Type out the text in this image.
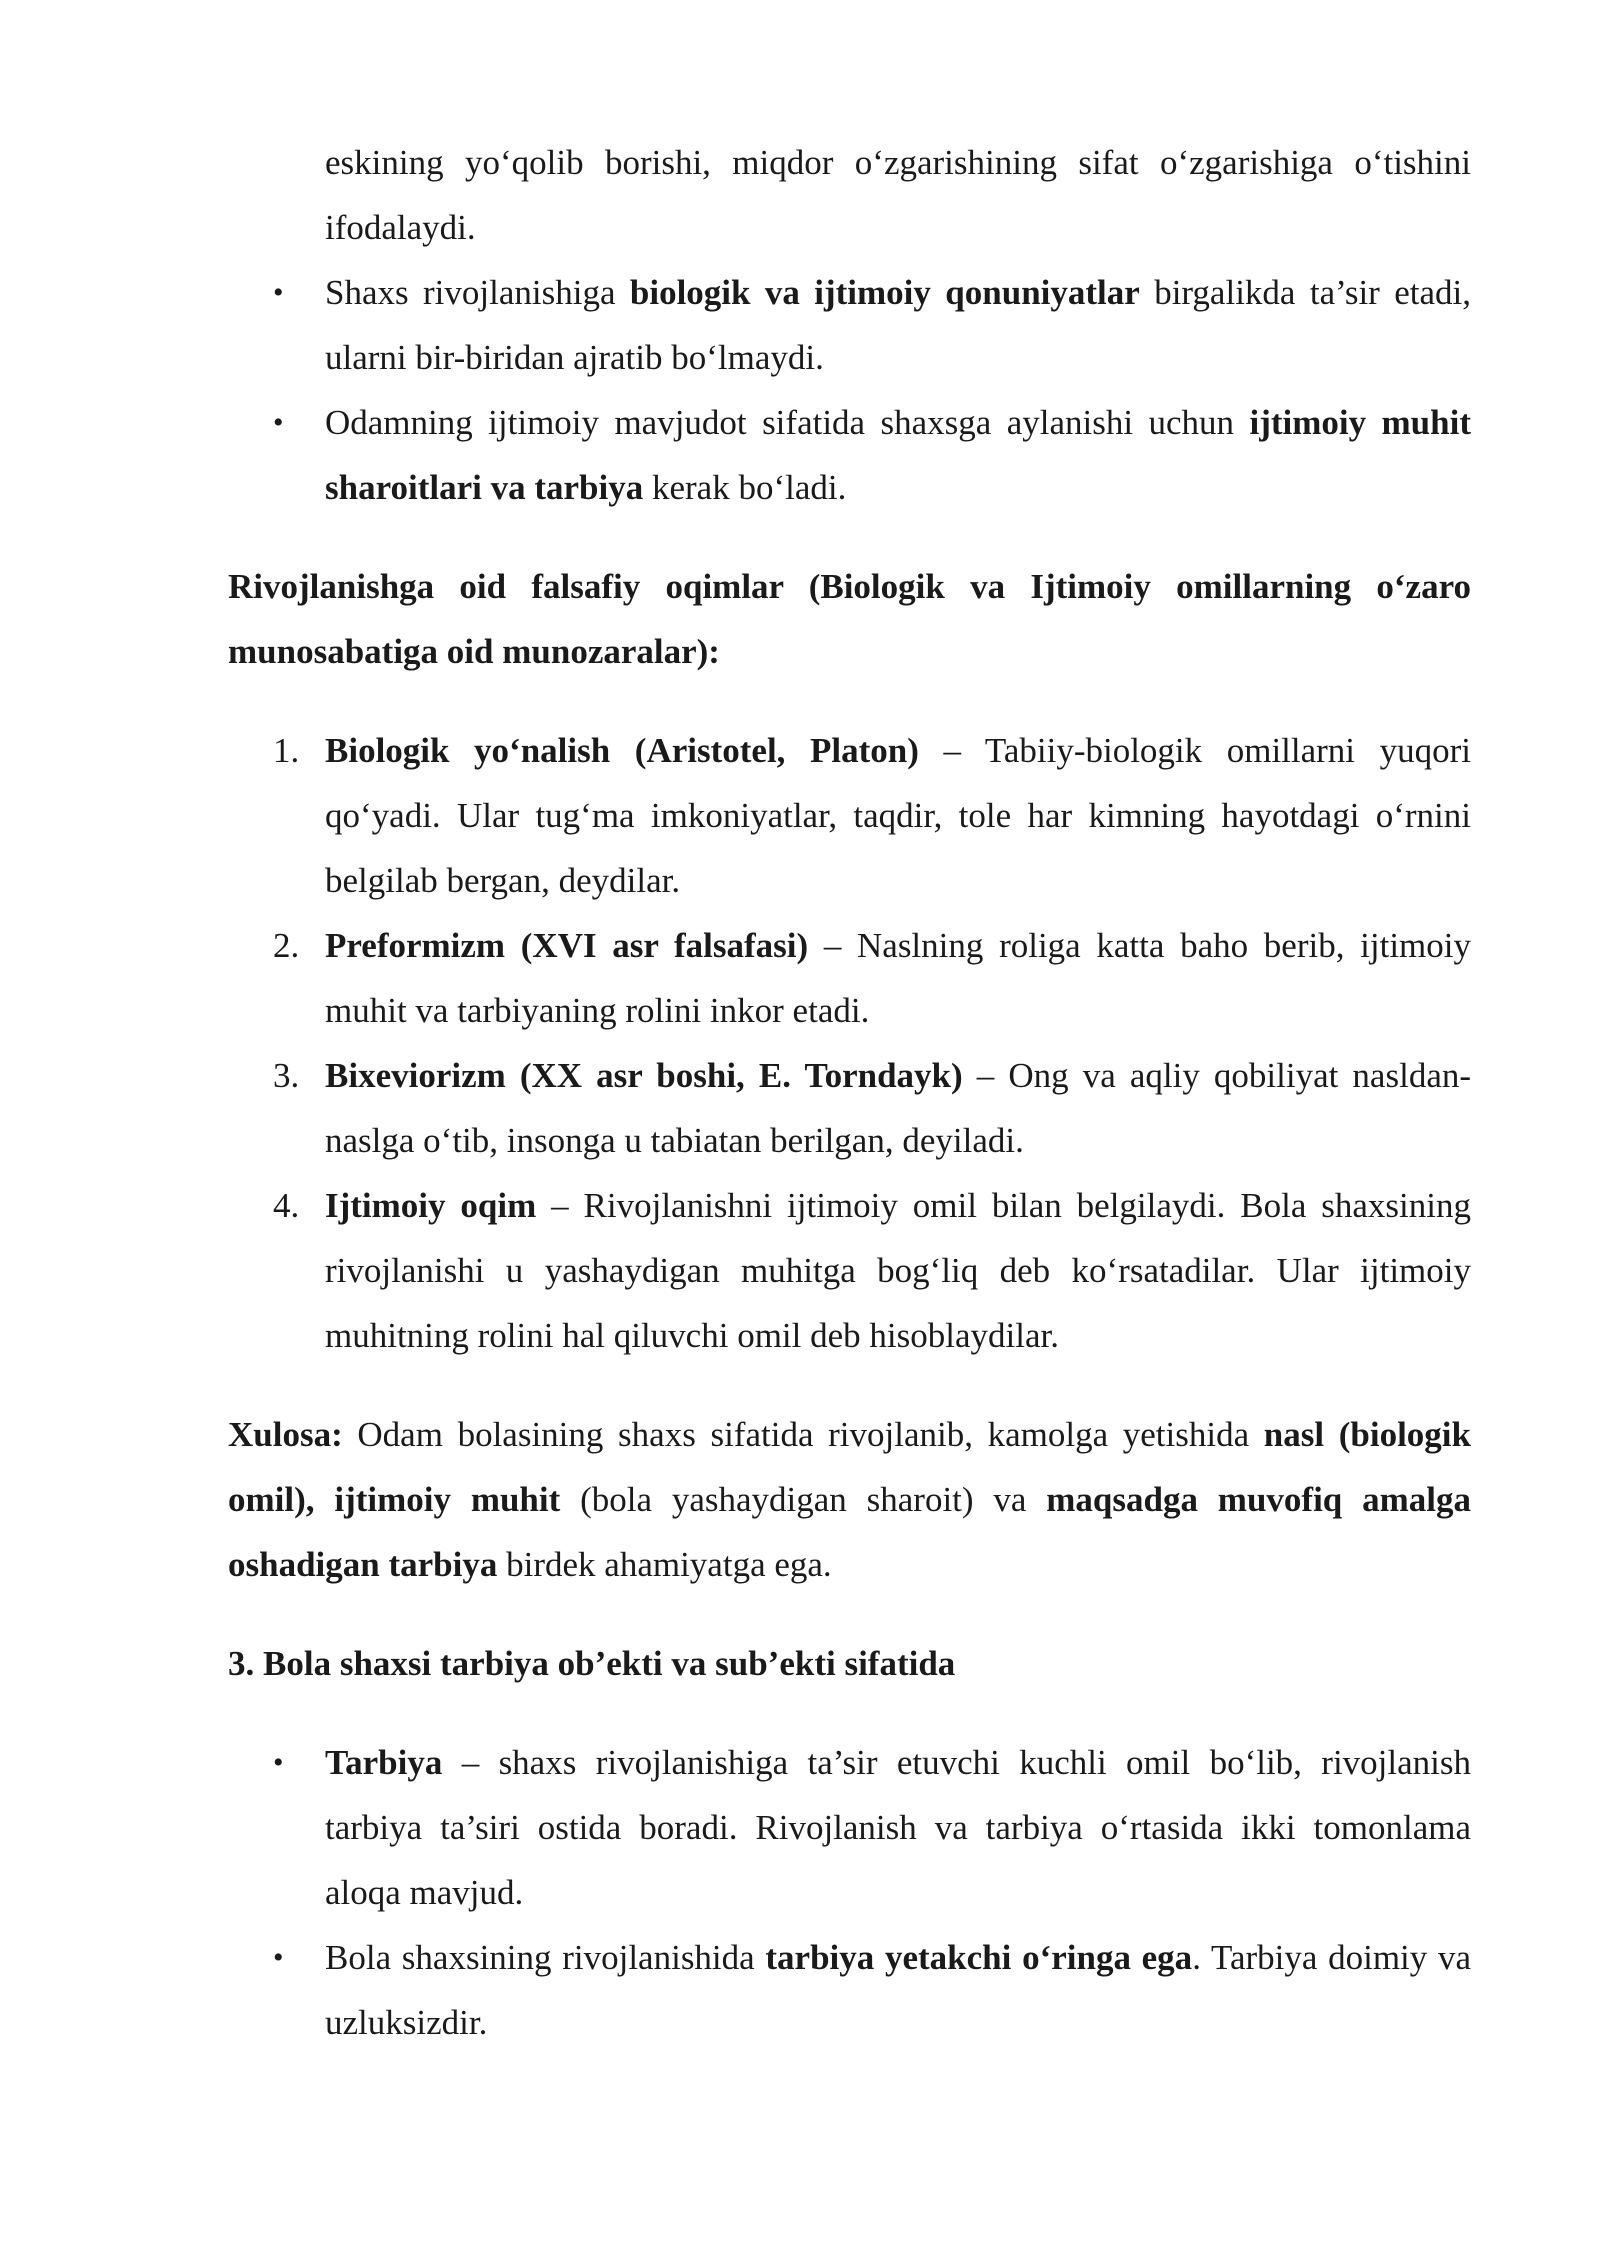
eskining yo‘qolib borishi, miqdor o‘zgarishining sifat o‘zgarishiga o‘tishini ifodalaydi.

• Shaxs rivojlanishiga biologik va ijtimoiy qonuniyatlar birgalikda ta’sir etadi, ularni bir-biridan ajratib bo‘lmaydi.
• Odamning ijtimoiy mavjudot sifatida shaxsga aylanishi uchun ijtimoiy muhit sharoitlari va tarbiya kerak bo‘ladi.

Rivojlanishga oid falsafiy oqimlar (Biologik va Ijtimoiy omillarning o‘zaro munosabatiga oid munozaralar):

1. Biologik yo‘nalish (Aristotel, Platon) – Tabiiy-biologik omillarni yuqori qo‘yadi. Ular tug‘ma imkoniyatlar, taqdir, tole har kimning hayotdagi o‘rnini belgilab bergan, deydilar.
2. Preformizm (XVI asr falsafasi) – Naslning roliga katta baho berib, ijtimoiy muhit va tarbiyaning rolini inkor etadi.
3. Bixeviorizm (XX asr boshi, E. Torndayk) – Ong va aqliy qobiliyat nasldan-naslga o‘tib, insonga u tabiatan berilgan, deyiladi.
4. Ijtimoiy oqim – Rivojlanishni ijtimoiy omil bilan belgilaydi. Bola shaxsining rivojlanishi u yashaydigan muhitga bog‘liq deb ko‘rsatadilar. Ular ijtimoiy muhitning rolini hal qiluvchi omil deb hisoblaydilar.

Xulosa: Odam bolasining shaxs sifatida rivojlanib, kamolga yetishida nasl (biologik omil), ijtimoiy muhit (bola yashaydigan sharoit) va maqsadga muvofiq amalga oshadigan tarbiya birdek ahamiyatga ega.

3. Bola shaxsi tarbiya ob’ekti va sub’ekti sifatida

• Tarbiya – shaxs rivojlanishiga ta’sir etuvchi kuchli omil bo‘lib, rivojlanish tarbiya ta’siri ostida boradi. Rivojlanish va tarbiya o‘rtasida ikki tomonlama aloqa mavjud.
• Bola shaxsining rivojlanishida tarbiya yetakchi o‘ringa ega. Tarbiya doimiy va uzluksizdir.
